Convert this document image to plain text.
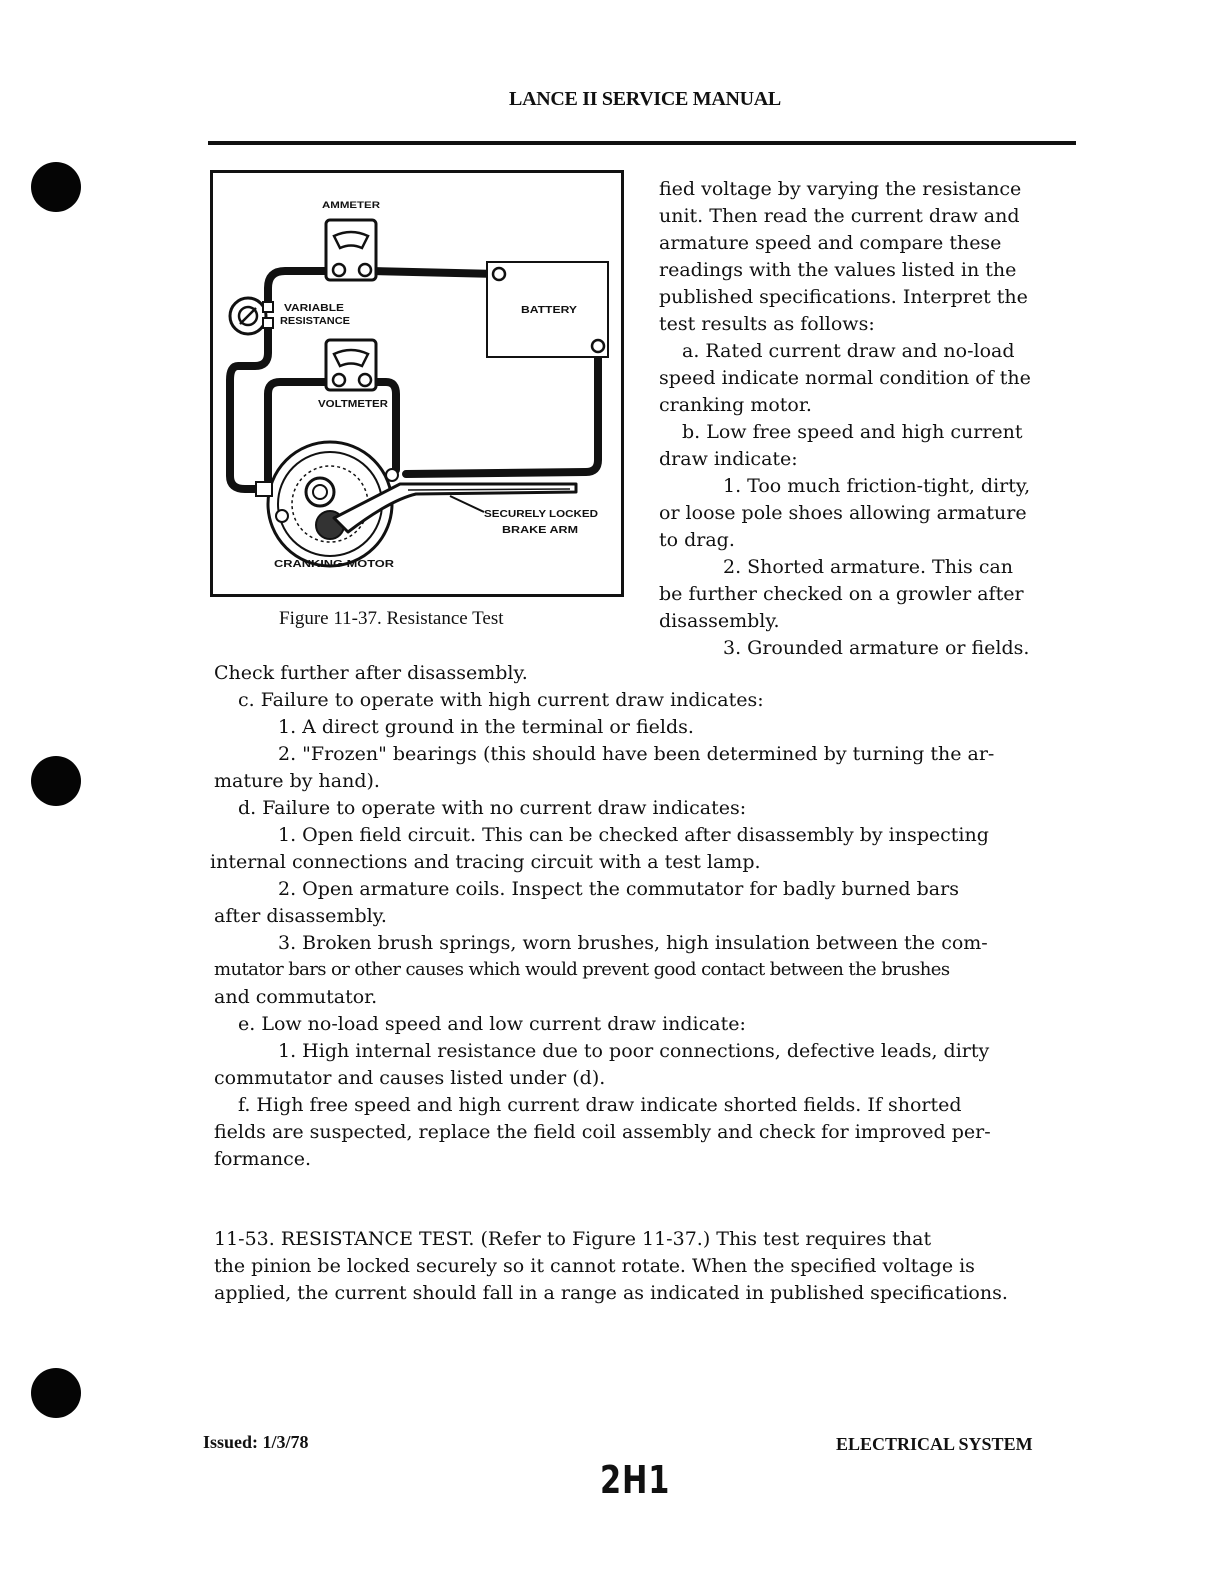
LANCE II SERVICE MANUAL
AMMETER
VARIABLE
RESISTANCE
BATTERY
VOLTMETER
SECURELY LOCKED
BRAKE ARM
CRANKING MOTOR
Figure 11-37. Resistance Test
fied voltage by varying the resistance
unit. Then read the current draw and
armature speed and compare these
readings with the values listed in the
published specifications. Interpret the
test results as follows:
a. Rated current draw and no-load
speed indicate normal condition of the
cranking motor.
b. Low free speed and high current
draw indicate:
1. Too much friction-tight, dirty,
or loose pole shoes allowing armature
to drag.
2. Shorted armature. This can
be further checked on a growler after
disassembly.
3. Grounded armature or fields.
Check further after disassembly.
c. Failure to operate with high current draw indicates:
1. A direct ground in the terminal or fields.
2. "Frozen" bearings (this should have been determined by turning the ar-
mature by hand).
d. Failure to operate with no current draw indicates:
1. Open field circuit. This can be checked after disassembly by inspecting
internal connections and tracing circuit with a test lamp.
2. Open armature coils. Inspect the commutator for badly burned bars
after disassembly.
3. Broken brush springs, worn brushes, high insulation between the com-
mutator bars or other causes which would prevent good contact between the brushes
and commutator.
e. Low no-load speed and low current draw indicate:
1. High internal resistance due to poor connections, defective leads, dirty
commutator and causes listed under (d).
f. High free speed and high current draw indicate shorted fields. If shorted
fields are suspected, replace the field coil assembly and check for improved per-
formance.
11-53. RESISTANCE TEST. (Refer to Figure 11-37.) This test requires that
the pinion be locked securely so it cannot rotate. When the specified voltage is
applied, the current should fall in a range as indicated in published specifications.
Issued: 1/3/78	ELECTRICAL SYSTEM
2H1
